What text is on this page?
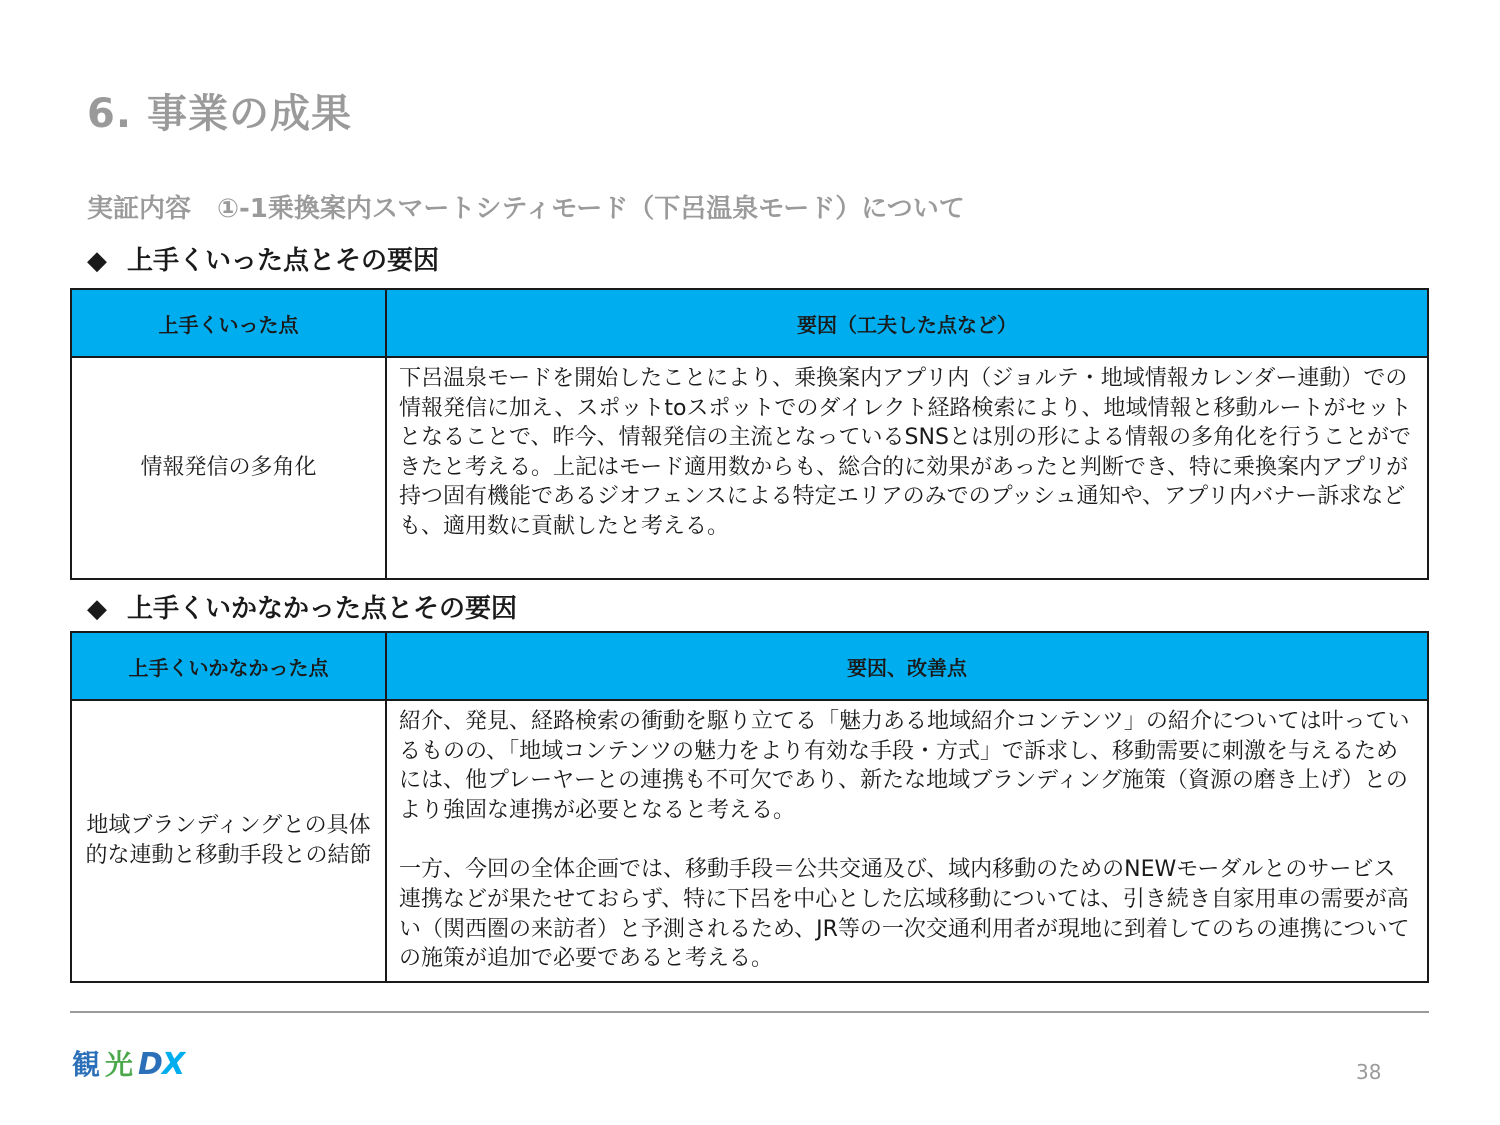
6. 事業の成果
実証内容　①-1乗換案内スマートシティモード（下呂温泉モード）について
◆ 上手くいった点とその要因
上手くいった点	要因（工夫した点など）
情報発信の多角化	下呂温泉モードを開始したことにより、乗換案内アプリ内（ジョルテ・地域情報カレンダー連動）での情報発信に加え、スポットtoスポットでのダイレクト経路検索により、地域情報と移動ルートがセットとなることで、昨今、情報発信の主流となっているSNSとは別の形による情報の多角化を行うことができたと考える。上記はモード適用数からも、総合的に効果があったと判断でき、特に乗換案内アプリが持つ固有機能であるジオフェンスによる特定エリアのみでのプッシュ通知や、アプリ内バナー訴求なども、適用数に貢献したと考える。
◆ 上手くいかなかった点とその要因
上手くいかなかった点	要因、改善点
地域ブランディングとの具体的な連動と移動手段との結節	紹介、発見、経路検索の衝動を駆り立てる「魅力ある地域紹介コンテンツ」の紹介については叶っているものの、「地域コンテンツの魅力をより有効な手段・方式」で訴求し、移動需要に刺激を与えるためには、他プレーヤーとの連携も不可欠であり、新たな地域ブランディング施策（資源の磨き上げ）とのより強固な連携が必要となると考える。
一方、今回の全体企画では、移動手段＝公共交通及び、域内移動のためのNEWモーダルとのサービス連携などが果たせておらず、特に下呂を中心とした広域移動については、引き続き自家用車の需要が高い（関西圏の来訪者）と予測されるため、JR等の一次交通利用者が現地に到着してのちの連携についての施策が追加で必要であると考える。
観 光 D X	38
